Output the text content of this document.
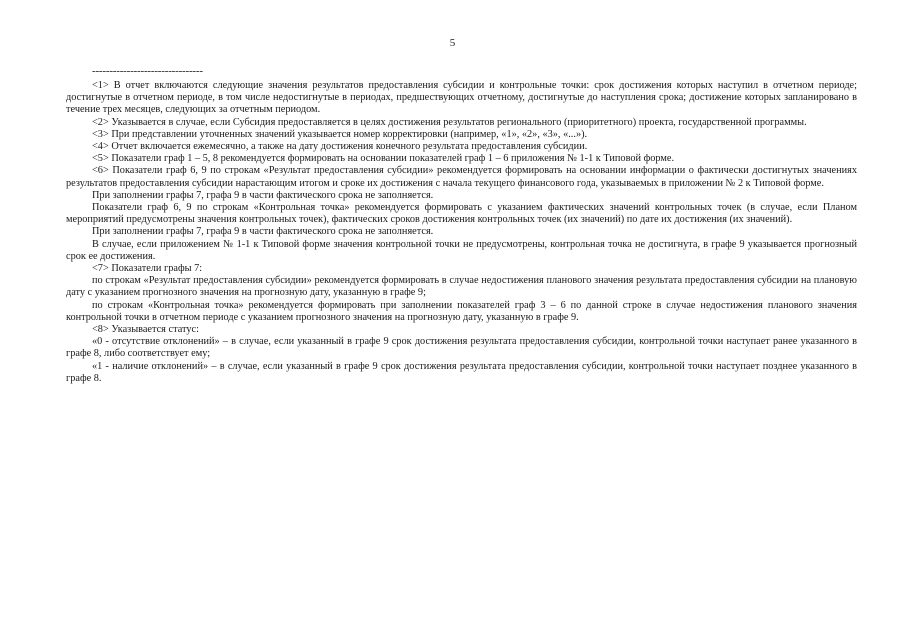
5
--------------------------------

<1> В отчет включаются следующие значения результатов предоставления субсидии и контрольные точки: срок достижения которых наступил в отчетном периоде; достигнутые в отчетном периоде, в том числе недостигнутые в периодах, предшествующих отчетному, достигнутые до наступления срока; достижение которых запланировано в течение трех месяцев, следующих за отчетным периодом.

<2> Указывается в случае, если Субсидия предоставляется в целях достижения результатов регионального (приоритетного) проекта, государственной программы.

<3> При представлении уточненных значений указывается номер корректировки (например, «1», «2», «3», «...»).

<4> Отчет включается ежемесячно, а также на дату достижения конечного результата предоставления субсидии.

<5> Показатели граф 1 – 5, 8 рекомендуется формировать на основании показателей граф 1 – 6 приложения № 1-1 к Типовой форме.

<6> Показатели граф 6, 9 по строкам «Результат предоставления субсидии» рекомендуется формировать на основании информации о фактически достигнутых значениях результатов предоставления субсидии нарастающим итогом и сроке их достижения с начала текущего финансового года, указываемых в приложении № 2 к Типовой форме.

При заполнении графы 7, графа 9 в части фактического срока не заполняется.

Показатели граф 6, 9 по строкам «Контрольная точка» рекомендуется формировать с указанием фактических значений контрольных точек (в случае, если Планом мероприятий предусмотрены значения контрольных точек), фактических сроков достижения контрольных точек (их значений) по дате их достижения (их значений).

При заполнении графы 7, графа 9 в части фактического срока не заполняется.

В случае, если приложением № 1-1 к Типовой форме значения контрольной точки не предусмотрены, контрольная точка не достигнута, в графе 9 указывается прогнозный срок ее достижения.

<7> Показатели графы 7:

по строкам «Результат предоставления субсидии» рекомендуется формировать в случае недостижения планового значения результата предоставления субсидии на плановую дату с указанием прогнозного значения на прогнозную дату, указанную в графе 9;

по строкам «Контрольная точка» рекомендуется формировать при заполнении показателей граф 3 – 6 по данной строке в случае недостижения планового значения контрольной точки в отчетном периоде с указанием прогнозного значения на прогнозную дату, указанную в графе 9.

<8> Указывается статус:

«0 - отсутствие отклонений» – в случае, если указанный в графе 9 срок достижения результата предоставления субсидии, контрольной точки наступает ранее указанного в графе 8, либо соответствует ему;

«1 - наличие отклонений» – в случае, если указанный в графе 9 срок достижения результата предоставления субсидии, контрольной точки наступает позднее указанного в графе 8.
